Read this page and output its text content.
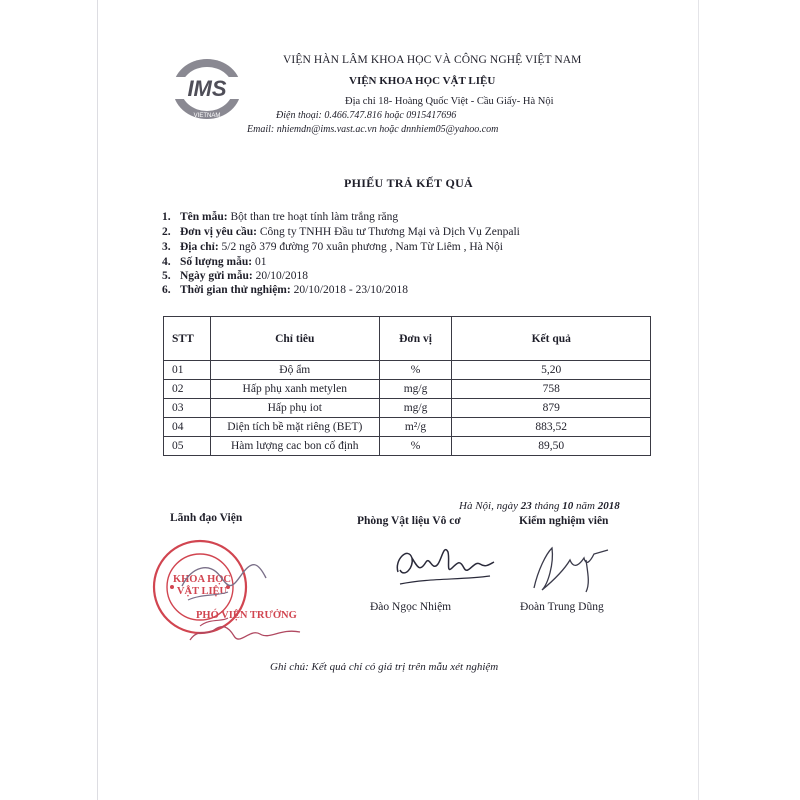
IMS
VIETNAM
VIỆN HÀN LÂM KHOA HỌC VÀ CÔNG NGHỆ VIỆT NAM
VIỆN KHOA HỌC VẬT LIỆU
Địa chỉ 18- Hoàng Quốc Việt - Cầu Giấy- Hà Nội
Điện thoại: 0.466.747.816 hoặc 0915417696
Email: nhiemdn@ims.vast.ac.vn hoặc dnnhiem05@yahoo.com
PHIẾU TRẢ KẾT QUẢ
1. Tên mẫu: Bột than tre hoạt tính làm trắng răng
2. Đơn vị yêu cầu: Công ty TNHH Đầu tư Thương Mại và Dịch Vụ Zenpali
3. Địa chỉ: 5/2 ngõ 379 đường 70 xuân phương , Nam Từ Liêm , Hà Nội
4. Số lượng mẫu: 01
5. Ngày gửi mẫu: 20/10/2018
6. Thời gian thử nghiệm: 20/10/2018 - 23/10/2018
STT	Chỉ tiêu	Đơn vị	Kết quả
01	Độ ẩm	%	5,20
02	Hấp phụ xanh metylen	mg/g	758
03	Hấp phụ iot	mg/g	879
04	Diện tích bề mặt riêng (BET)	m²/g	883,52
05	Hàm lượng cac bon cố định	%	89,50
Hà Nội, ngày 23 tháng 10 năm 2018
Lãnh đạo Viện	Phòng Vật liệu Vô cơ	Kiểm nghiệm viên
KHOA HỌC VẬT LIỆU
PHÓ VIỆN TRƯỞNG
Đào Ngọc Nhiệm	Đoàn Trung Dũng
Ghi chú: Kết quả chỉ có giá trị trên mẫu xét nghiệm
